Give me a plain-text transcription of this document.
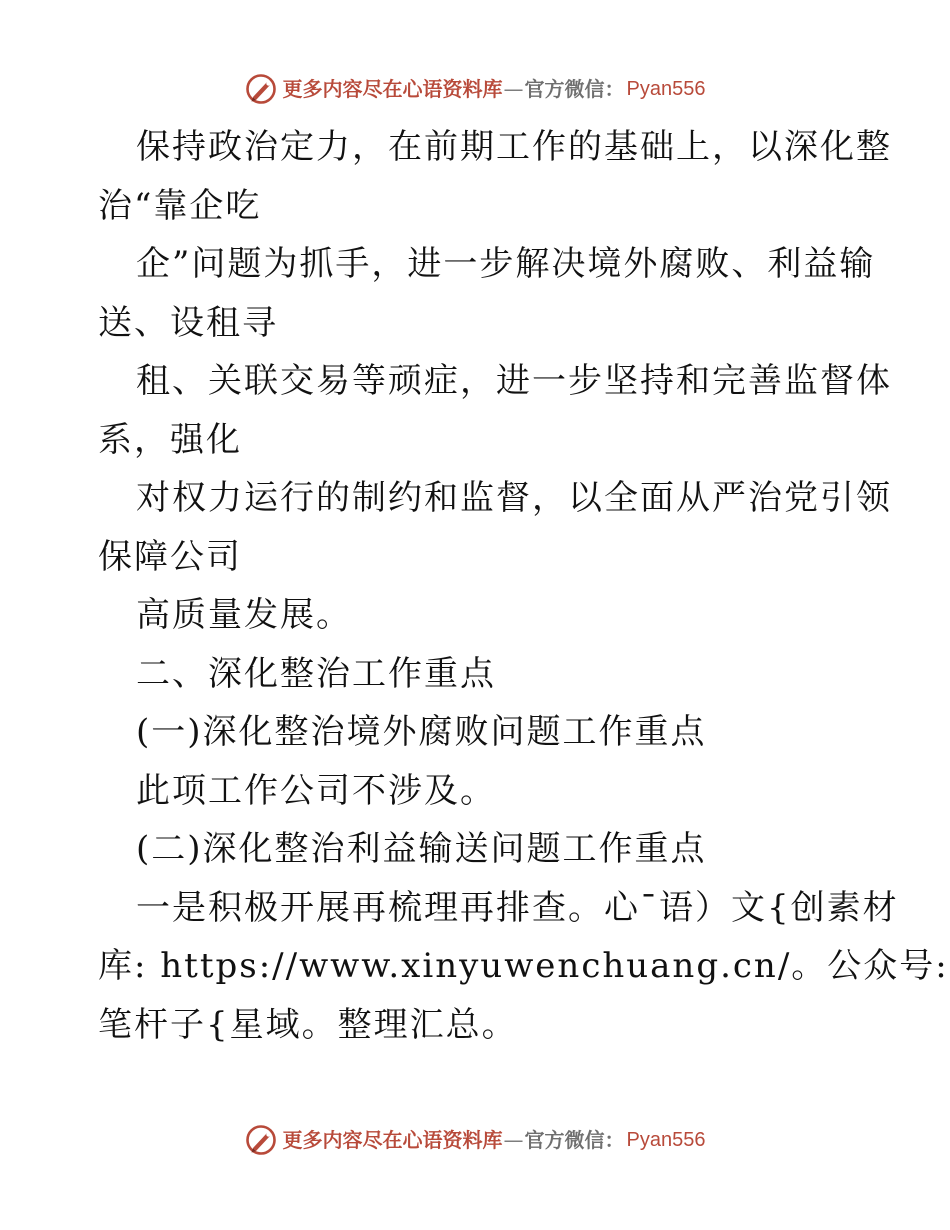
更多内容尽在心语资料库 — 官方微信： Pyan556
保持政治定力，在前期工作的基础上，以深化整
治“靠企吃
企”问题为抓手，进一步解决境外腐败、利益输
送、设租寻
租、关联交易等顽症，进一步坚持和完善监督体
系，强化
对权力运行的制约和监督，以全面从严治党引领
保障公司
高质量发展。
二、深化整治工作重点
(一)深化整治境外腐败问题工作重点
此项工作公司不涉及。
(二)深化整治利益输送问题工作重点
一是积极开展再梳理再排查。心¯语）文{创素材
库: https://www.xinyuwenchuang.cn/。公众号:
笔杆子{星域。整理汇总。
更多内容尽在心语资料库 — 官方微信： Pyan556
